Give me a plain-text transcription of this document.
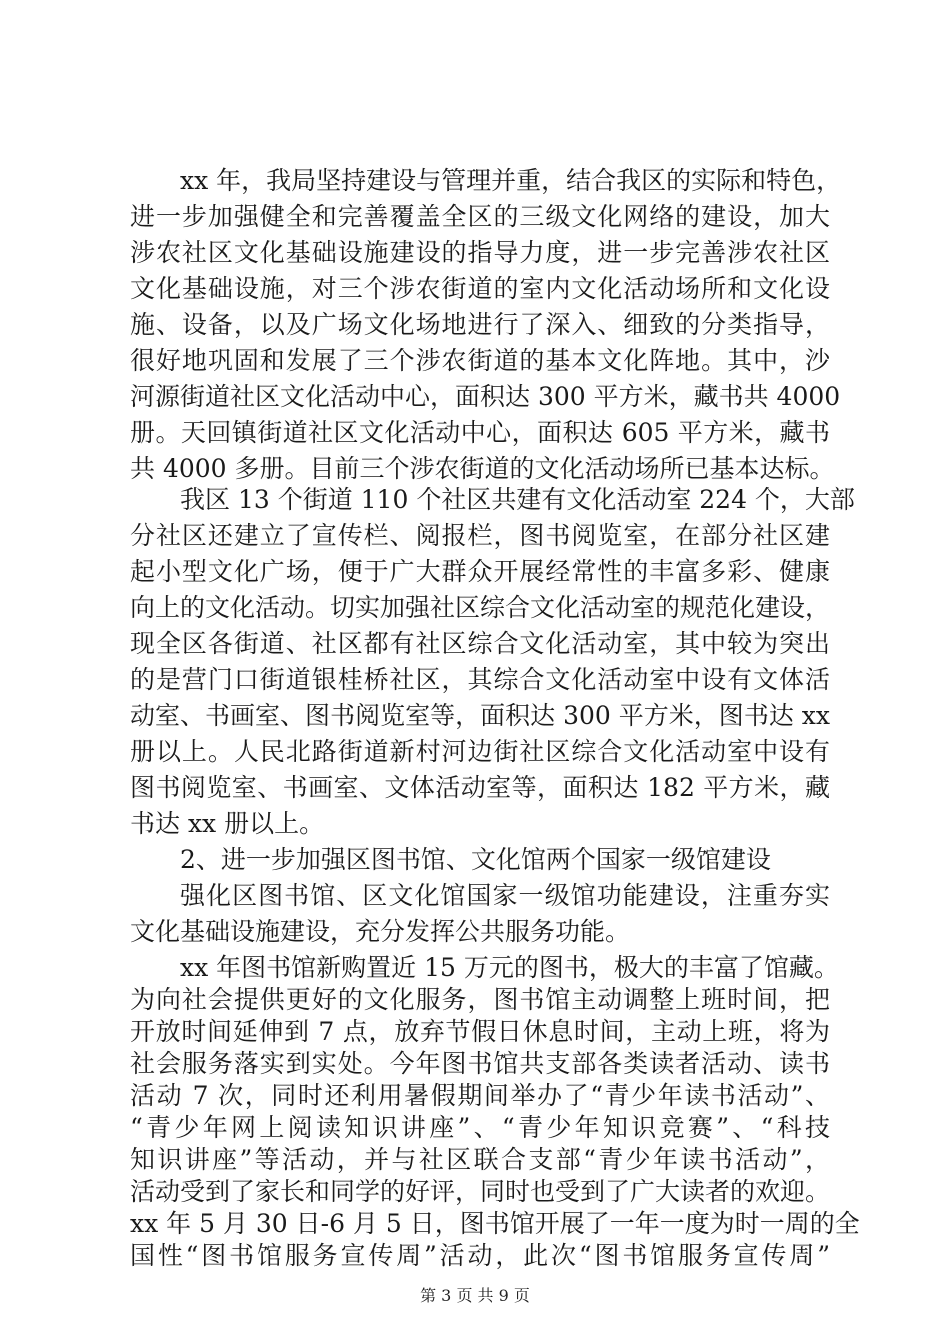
xx 年，我局坚持建设与管理并重，结合我区的实际和特色，
进一步加强健全和完善覆盖全区的三级文化网络的建设，加大
涉农社区文化基础设施建设的指导力度，进一步完善涉农社区
文化基础设施，对三个涉农街道的室内文化活动场所和文化设
施、设备，以及广场文化场地进行了深入、细致的分类指导，
很好地巩固和发展了三个涉农街道的基本文化阵地。其中，沙
河源街道社区文化活动中心，面积达 300 平方米，藏书共 4000
册。天回镇街道社区文化活动中心，面积达 605 平方米，藏书
共 4000 多册。目前三个涉农街道的文化活动场所已基本达标。
我区 13 个街道 110 个社区共建有文化活动室 224 个，大部
分社区还建立了宣传栏、阅报栏，图书阅览室，在部分社区建
起小型文化广场，便于广大群众开展经常性的丰富多彩、健康
向上的文化活动。切实加强社区综合文化活动室的规范化建设，
现全区各街道、社区都有社区综合文化活动室，其中较为突出
的是营门口街道银桂桥社区，其综合文化活动室中设有文体活
动室、书画室、图书阅览室等，面积达 300 平方米，图书达 xx
册以上。人民北路街道新村河边街社区综合文化活动室中设有
图书阅览室、书画室、文体活动室等，面积达 182 平方米，藏
书达 xx 册以上。
2、进一步加强区图书馆、文化馆两个国家一级馆建设
强化区图书馆、区文化馆国家一级馆功能建设，注重夯实
文化基础设施建设，充分发挥公共服务功能。
xx 年图书馆新购置近 15 万元的图书，极大的丰富了馆藏。
为向社会提供更好的文化服务，图书馆主动调整上班时间，把
开放时间延伸到 7 点，放弃节假日休息时间，主动上班，将为
社会服务落实到实处。今年图书馆共支部各类读者活动、读书
活动 7 次，同时还利用暑假期间举办了“青少年读书活动”、
“青少年网上阅读知识讲座”、“青少年知识竞赛”、“科技
知识讲座”等活动，并与社区联合支部“青少年读书活动”，
活动受到了家长和同学的好评，同时也受到了广大读者的欢迎。
xx 年 5 月 30 日-6 月 5 日，图书馆开展了一年一度为时一周的全
第 3 页 共 9 页
国性“图书馆服务宣传周”活动，此次“图书馆服务宣传周”
